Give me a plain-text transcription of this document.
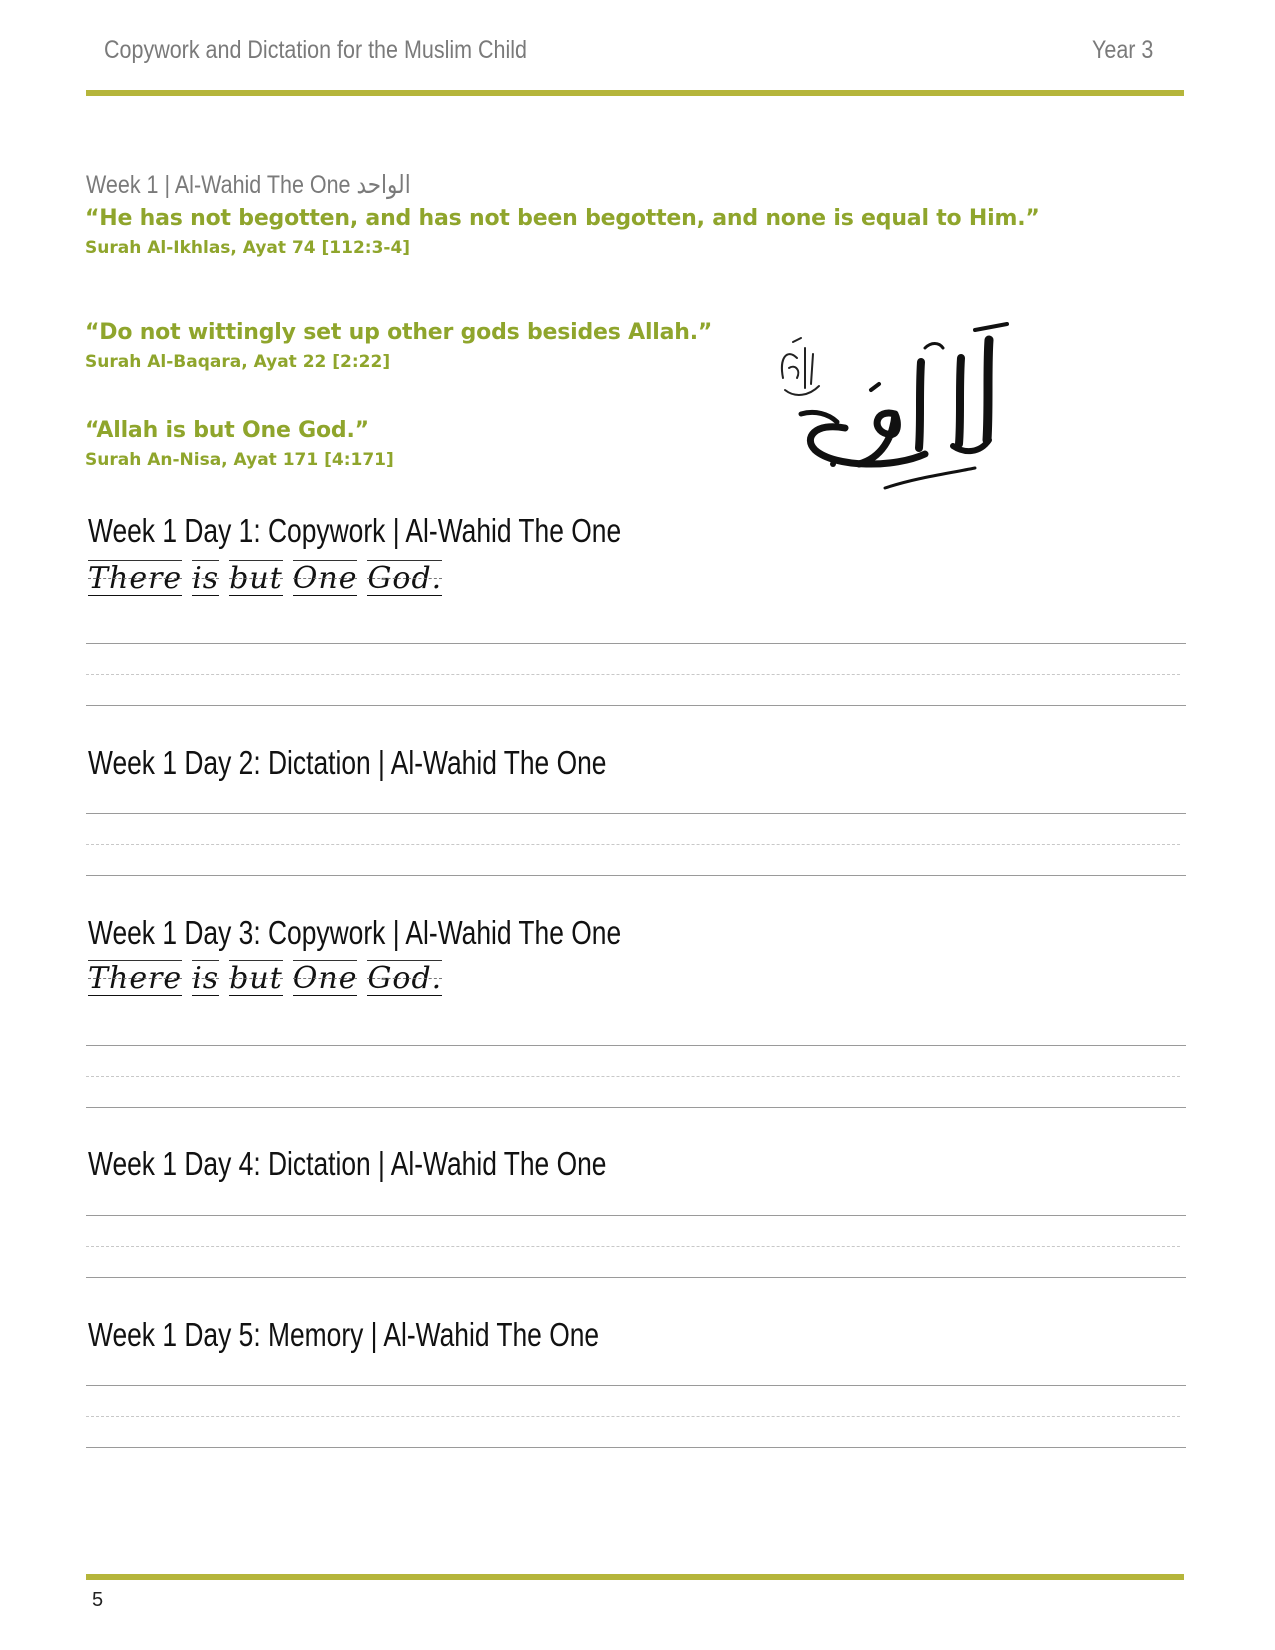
Copywork and Dictation for the Muslim Child	Year 3
Week 1 | Al-Wahid The One الواحد
“He has not begotten, and has not been begotten, and none is equal to Him.”
Surah Al-Ikhlas, Ayat 74 [112:3-4]
“Do not wittingly set up other gods besides Allah.”
Surah Al-Baqara, Ayat 22 [2:22]
“Allah is but One God.”
Surah An-Nisa, Ayat 171 [4:171]
Week 1 Day 1: Copywork | Al-Wahid The One
There is but One God.
Week 1 Day 2: Dictation | Al-Wahid The One
Week 1 Day 3: Copywork | Al-Wahid The One
There is but One God.
Week 1 Day 4: Dictation | Al-Wahid The One
Week 1 Day 5: Memory | Al-Wahid The One
5
